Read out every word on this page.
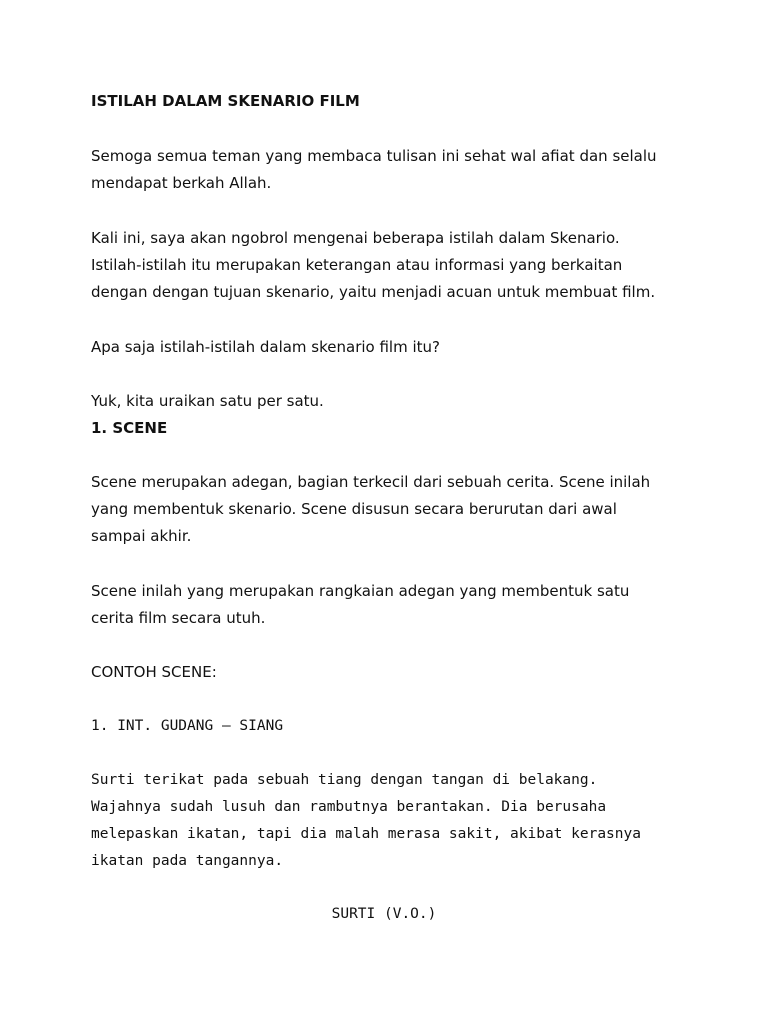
ISTILAH DALAM SKENARIO FILM
Semoga semua teman yang membaca tulisan ini sehat wal afiat dan selalu
mendapat berkah Allah.
Kali ini, saya akan ngobrol mengenai beberapa istilah dalam Skenario.
Istilah-istilah itu merupakan keterangan atau informasi yang berkaitan
dengan dengan tujuan skenario, yaitu menjadi acuan untuk membuat film.
Apa saja istilah-istilah dalam skenario film itu?
Yuk, kita uraikan satu per satu.
1. SCENE
Scene merupakan adegan, bagian terkecil dari sebuah cerita. Scene inilah
yang membentuk skenario. Scene disusun secara berurutan dari awal
sampai akhir.
Scene inilah yang merupakan rangkaian adegan yang membentuk satu
cerita film secara utuh.
CONTOH SCENE:
1. INT. GUDANG – SIANG
Surti terikat pada sebuah tiang dengan tangan di belakang.
Wajahnya sudah lusuh dan rambutnya berantakan. Dia berusaha
melepaskan ikatan, tapi dia malah merasa sakit, akibat kerasnya
ikatan pada tangannya.
SURTI (V.O.)
